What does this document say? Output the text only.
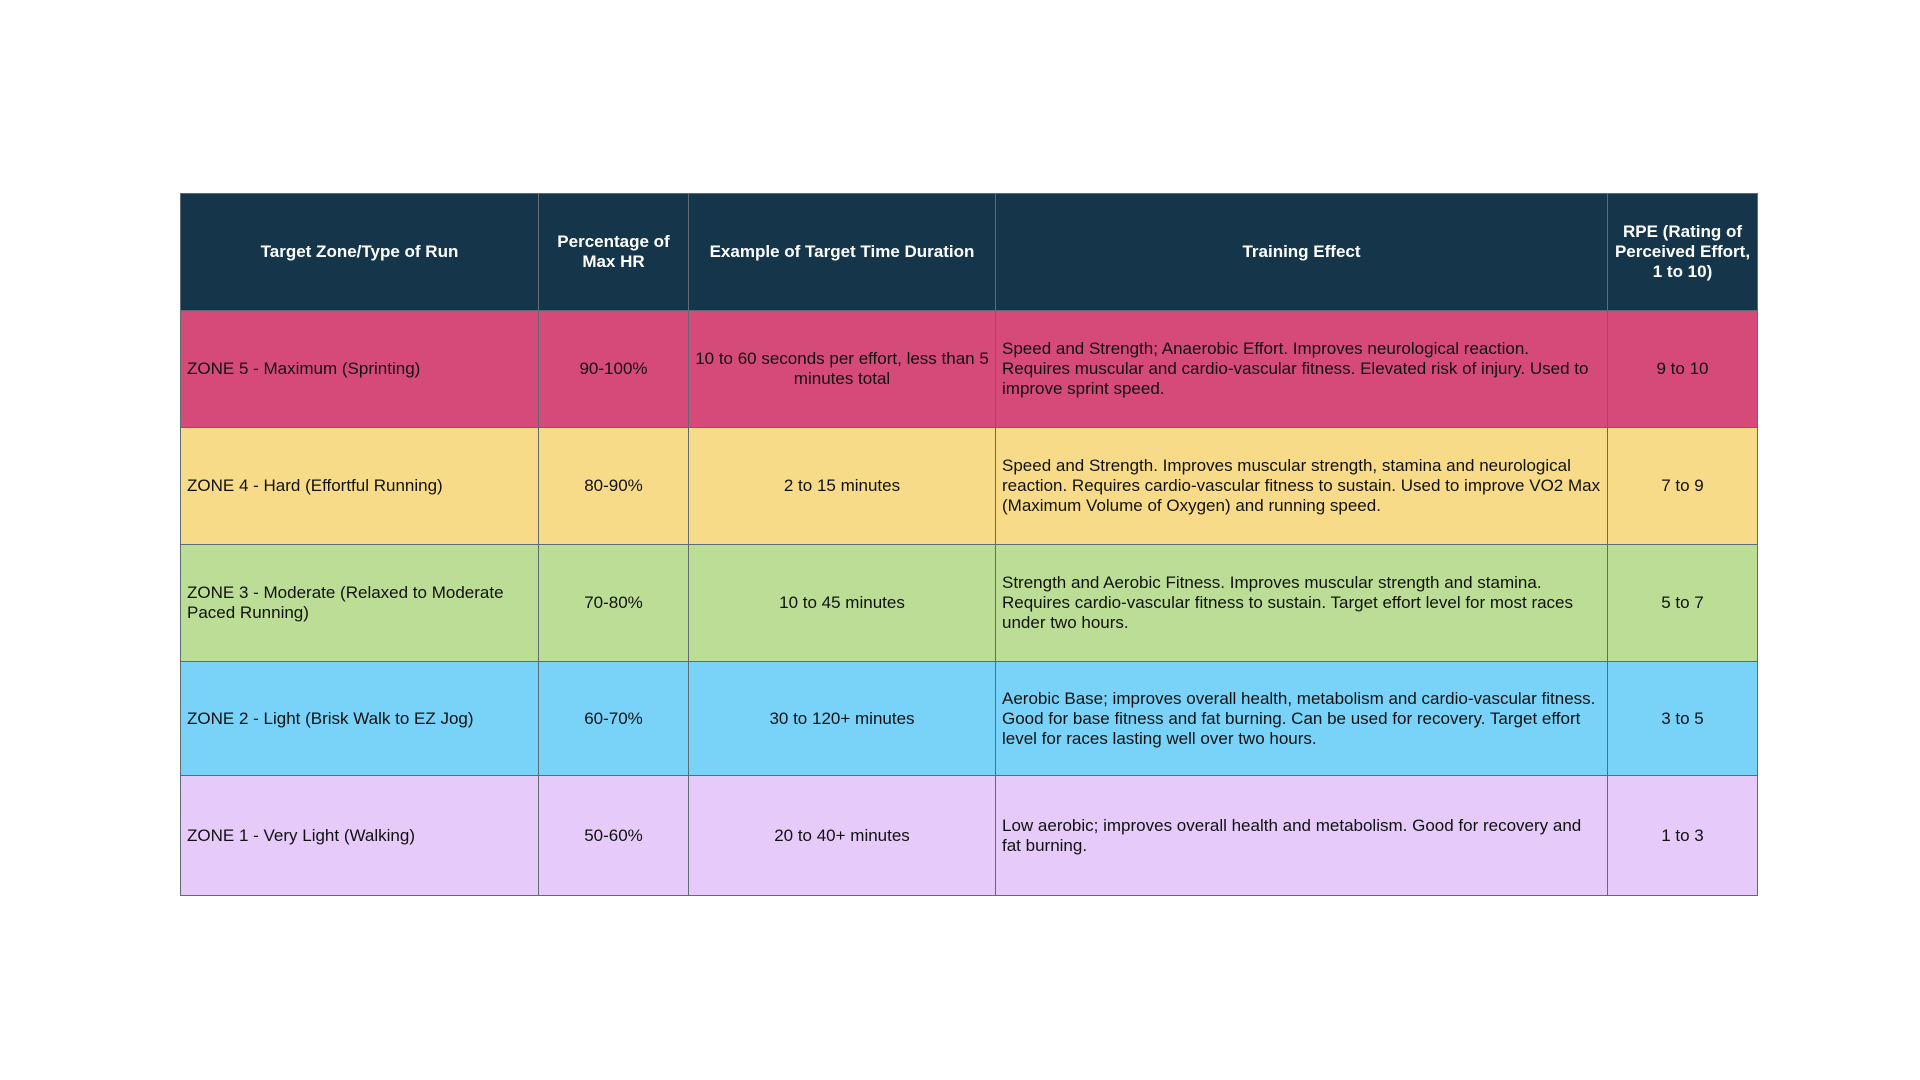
Target Zone/Type of Run	Percentage of Max HR	Example of Target Time Duration	Training Effect	RPE (Rating of Perceived Effort, 1 to 10)
ZONE 5 - Maximum (Sprinting)	90-100%	10 to 60 seconds per effort, less than 5 minutes total	Speed and Strength; Anaerobic Effort. Improves neurological reaction. Requires muscular and cardio-vascular fitness. Elevated risk of injury. Used to improve sprint speed.	9 to 10
ZONE 4 - Hard (Effortful Running)	80-90%	2 to 15 minutes	Speed and Strength. Improves muscular strength, stamina and neurological reaction. Requires cardio-vascular fitness to sustain. Used to improve VO2 Max (Maximum Volume of Oxygen) and running speed.	7 to 9
ZONE 3 - Moderate (Relaxed to Moderate Paced Running)	70-80%	10 to 45 minutes	Strength and Aerobic Fitness. Improves muscular strength and stamina. Requires cardio-vascular fitness to sustain. Target effort level for most races under two hours.	5 to 7
ZONE 2 - Light (Brisk Walk to EZ Jog)	60-70%	30 to 120+ minutes	Aerobic Base; improves overall health, metabolism and cardio-vascular fitness. Good for base fitness and fat burning. Can be used for recovery. Target effort level for races lasting well over two hours.	3 to 5
ZONE 1 - Very Light (Walking)	50-60%	20 to 40+ minutes	Low aerobic; improves overall health and metabolism. Good for recovery and fat burning.	1 to 3
